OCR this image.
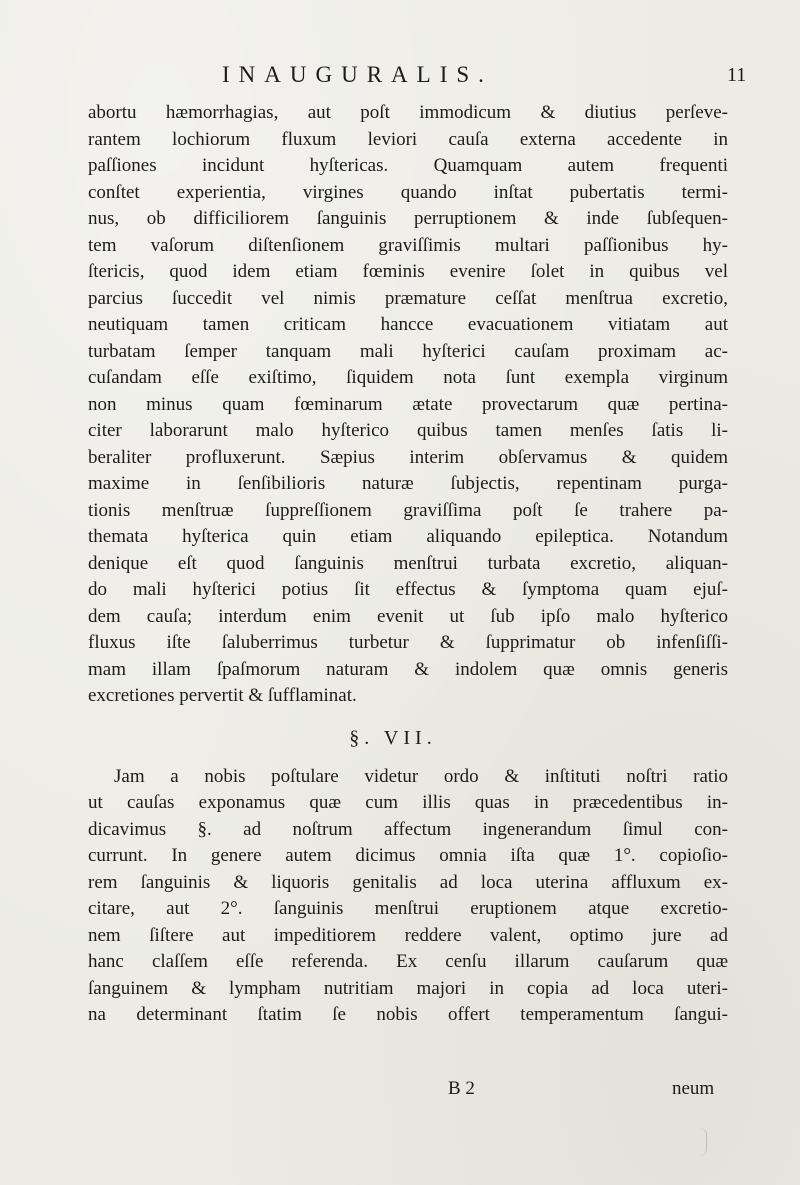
INAUGURALIS.	11
abortu hæmorrhagias, aut poſt immodicum & diutius perſeve-
rantem lochiorum fluxum leviori cauſa externa accedente in
paſſiones incidunt hyſtericas. Quamquam autem frequenti
conſtet experientia, virgines quando inſtat pubertatis termi-
nus, ob difficiliorem ſanguinis perruptionem & inde ſubſequen-
tem vaſorum diſtenſionem graviſſimis multari paſſionibus hy-
ſtericis, quod idem etiam fœminis evenire ſolet in quibus vel
parcius ſuccedit vel nimis præmature ceſſat menſtrua excretio,
neutiquam tamen criticam hancce evacuationem vitiatam aut
turbatam ſemper tanquam mali hyſterici cauſam proximam ac-
cuſandam eſſe exiſtimo, ſiquidem nota ſunt exempla virginum
non minus quam fœminarum ætate provectarum quæ pertina-
citer laborarunt malo hyſterico quibus tamen menſes ſatis li-
beraliter profluxerunt. Sæpius interim obſervamus & quidem
maxime in ſenſibilioris naturæ ſubjectis, repentinam purga-
tionis menſtruæ ſuppreſſionem graviſſima poſt ſe trahere pa-
themata hyſterica quin etiam aliquando epileptica. Notandum
denique eſt quod ſanguinis menſtrui turbata excretio, aliquan-
do mali hyſterici potius ſit effectus & ſymptoma quam ejuſ-
dem cauſa; interdum enim evenit ut ſub ipſo malo hyſterico
fluxus iſte ſaluberrimus turbetur & ſupprimatur ob infenſiſſi-
mam illam ſpaſmorum naturam & indolem quæ omnis generis
excretiones pervertit & ſufflaminat.
§. VII.
Jam a nobis poſtulare videtur ordo & inſtituti noſtri ratio
ut cauſas exponamus quæ cum illis quas in præcedentibus in-
dicavimus §. ad noſtrum affectum ingenerandum ſimul con-
currunt. In genere autem dicimus omnia iſta quæ 1°. copioſio-
rem ſanguinis & liquoris genitalis ad loca uterina affluxum ex-
citare, aut 2°. ſanguinis menſtrui eruptionem atque excretio-
nem ſiſtere aut impeditiorem reddere valent, optimo jure ad
hanc claſſem eſſe referenda. Ex cenſu illarum cauſarum quæ
ſanguinem & lympham nutritiam majori in copia ad loca uteri-
na determinant ſtatim ſe nobis offert temperamentum ſangui-
B 2	neum
